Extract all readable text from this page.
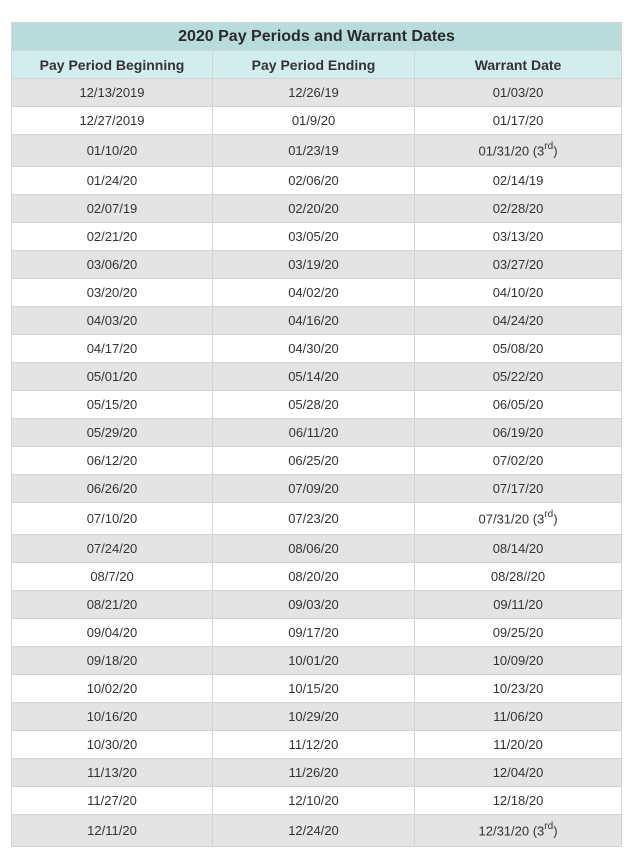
2020 Pay Periods and Warrant Dates		
Pay Period Beginning	Pay Period Ending	Warrant Date
12/13/2019	12/26/19	01/03/20
12/27/2019	01/9/20	01/17/20
01/10/20	01/23/19	01/31/20 (3rd)
01/24/20	02/06/20	02/14/19
02/07/19	02/20/20	02/28/20
02/21/20	03/05/20	03/13/20
03/06/20	03/19/20	03/27/20
03/20/20	04/02/20	04/10/20
04/03/20	04/16/20	04/24/20
04/17/20	04/30/20	05/08/20
05/01/20	05/14/20	05/22/20
05/15/20	05/28/20	06/05/20
05/29/20	06/11/20	06/19/20
06/12/20	06/25/20	07/02/20
06/26/20	07/09/20	07/17/20
07/10/20	07/23/20	07/31/20 (3rd)
07/24/20	08/06/20	08/14/20
08/7/20	08/20/20	08/28//20
08/21/20	09/03/20	09/11/20
09/04/20	09/17/20	09/25/20
09/18/20	10/01/20	10/09/20
10/02/20	10/15/20	10/23/20
10/16/20	10/29/20	11/06/20
10/30/20	11/12/20	11/20/20
11/13/20	11/26/20	12/04/20
11/27/20	12/10/20	12/18/20
12/11/20	12/24/20	12/31/20 (3rd)
